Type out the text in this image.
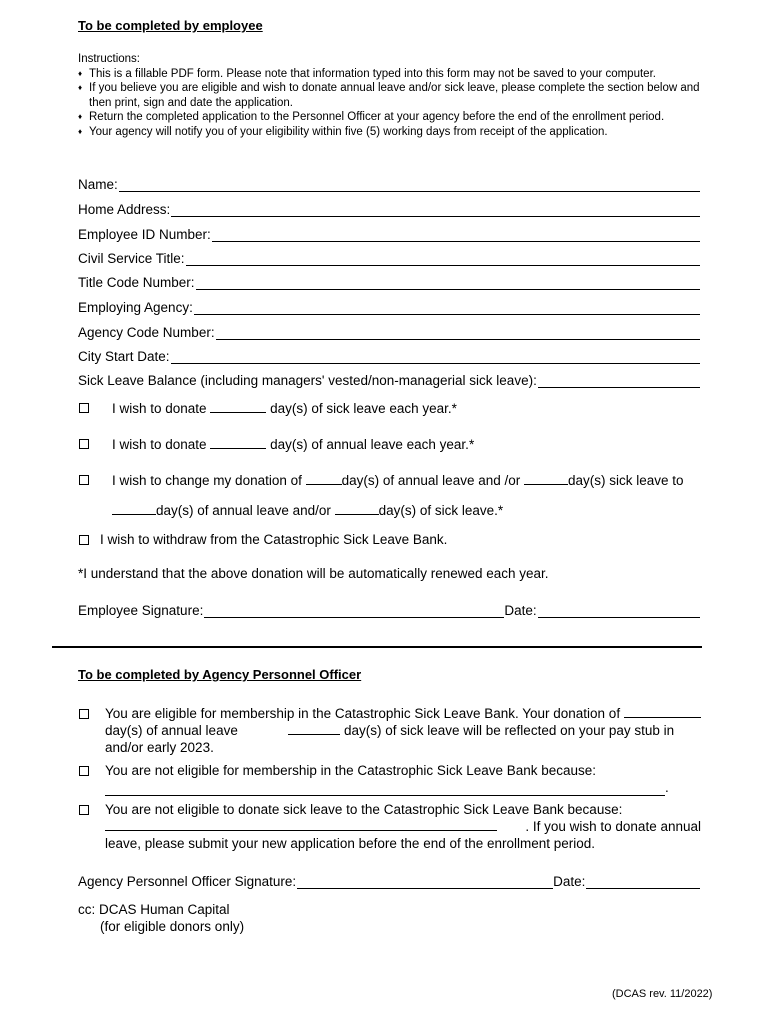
To be completed by employee
Instructions:
♦ This is a fillable PDF form. Please note that information typed into this form may not be saved to your computer.
♦ If you believe you are eligible and wish to donate annual leave and/or sick leave, please complete the section below and then print, sign and date the application.
♦ Return the completed application to the Personnel Officer at your agency before the end of the enrollment period.
♦ Your agency will notify you of your eligibility within five (5) working days from receipt of the application.
Name:
Home Address:
Employee ID Number:
Civil Service Title:
Title Code Number:
Employing Agency:
Agency Code Number:
City Start Date:
Sick Leave Balance (including managers' vested/non-managerial sick leave):
I wish to donate	day(s) of sick leave each year.*
I wish to donate	day(s) of annual leave each year.*
I wish to change my donation of	day(s) of annual leave and /or	day(s) sick leave to
day(s) of annual leave and/or	day(s) of sick leave.*
I wish to withdraw from the Catastrophic Sick Leave Bank.
*I understand that the above donation will be automatically renewed each year.
Employee Signature:	Date:
To be completed by Agency Personnel Officer
You are eligible for membership in the Catastrophic Sick Leave Bank. Your donation of
day(s) of annual leave	day(s) of sick leave will be reflected on your pay stub in
and/or early 2023.
You are not eligible for membership in the Catastrophic Sick Leave Bank because:
.
You are not eligible to donate sick leave to the Catastrophic Sick Leave Bank because:
. If you wish to donate annual
leave, please submit your new application before the end of the enrollment period.
Agency Personnel Officer Signature:	Date:
cc: DCAS Human Capital
(for eligible donors only)
(DCAS rev. 11/2022)
